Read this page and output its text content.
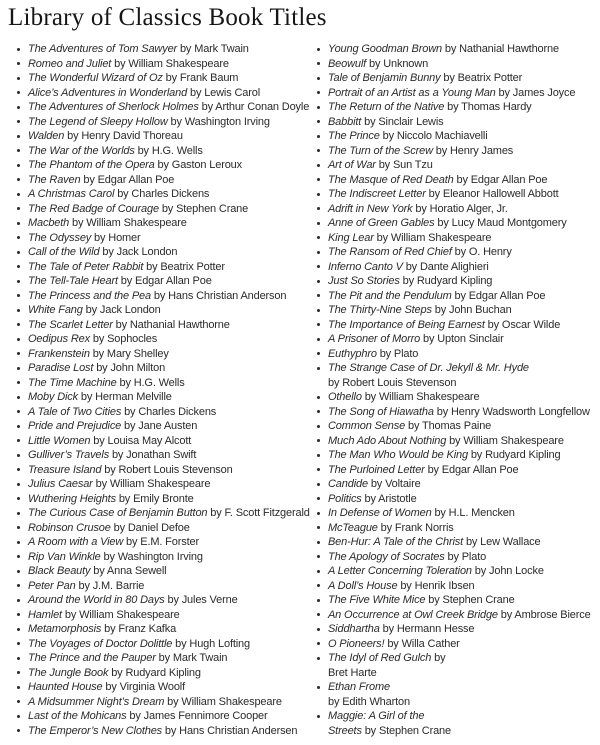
Library of Classics Book Titles
The Adventures of Tom Sawyer by Mark Twain
Romeo and Juliet by William Shakespeare
The Wonderful Wizard of Oz by Frank Baum
Alice’s Adventures in Wonderland by Lewis Carol
The Adventures of Sherlock Holmes by Arthur Conan Doyle
The Legend of Sleepy Hollow by Washington Irving
Walden by Henry David Thoreau
The War of the Worlds by H.G. Wells
The Phantom of the Opera by Gaston Leroux
The Raven by Edgar Allan Poe
A Christmas Carol by Charles Dickens
The Red Badge of Courage by Stephen Crane
Macbeth by William Shakespeare
The Odyssey by Homer
Call of the Wild by Jack London
The Tale of Peter Rabbit by Beatrix Potter
The Tell-Tale Heart by Edgar Allan Poe
The Princess and the Pea by Hans Christian Anderson
White Fang by Jack London
The Scarlet Letter by Nathanial Hawthorne
Oedipus Rex by Sophocles
Frankenstein by Mary Shelley
Paradise Lost by John Milton
The Time Machine by H.G. Wells
Moby Dick by Herman Melville
A Tale of Two Cities by Charles Dickens
Pride and Prejudice by Jane Austen
Little Women by Louisa May Alcott
Gulliver’s Travels by Jonathan Swift
Treasure Island by Robert Louis Stevenson
Julius Caesar by William Shakespeare
Wuthering Heights by Emily Bronte
The Curious Case of Benjamin Button by F. Scott Fitzgerald
Robinson Crusoe by Daniel Defoe
A Room with a View by E.M. Forster
Rip Van Winkle by Washington Irving
Black Beauty by Anna Sewell
Peter Pan by J.M. Barrie
Around the World in 80 Days by Jules Verne
Hamlet by William Shakespeare
Metamorphosis by Franz Kafka
The Voyages of Doctor Dolittle by Hugh Lofting
The Prince and the Pauper by Mark Twain
The Jungle Book by Rudyard Kipling
Haunted House by Virginia Woolf
A Midsummer Night’s Dream by William Shakespeare
Last of the Mohicans by James Fennimore Cooper
The Emperor’s New Clothes by Hans Christian Andersen
Young Goodman Brown by Nathanial Hawthorne
Beowulf by Unknown
Tale of Benjamin Bunny by Beatrix Potter
Portrait of an Artist as a Young Man by James Joyce
The Return of the Native by Thomas Hardy
Babbitt by Sinclair Lewis
The Prince by Niccolo Machiavelli
The Turn of the Screw by Henry James
Art of War by Sun Tzu
The Masque of Red Death by Edgar Allan Poe
The Indiscreet Letter by Eleanor Hallowell Abbott
Adrift in New York by Horatio Alger, Jr.
Anne of Green Gables by Lucy Maud Montgomery
King Lear by William Shakespeare
The Ransom of Red Chief by O. Henry
Inferno Canto V by Dante Alighieri
Just So Stories by Rudyard Kipling
The Pit and the Pendulum by Edgar Allan Poe
The Thirty-Nine Steps by John Buchan
The Importance of Being Earnest by Oscar Wilde
A Prisoner of Morro by Upton Sinclair
Euthyphro by Plato
The Strange Case of Dr. Jekyll & Mr. Hyde
by Robert Louis Stevenson
Othello by William Shakespeare
The Song of Hiawatha by Henry Wadsworth Longfellow
Common Sense by Thomas Paine
Much Ado About Nothing by William Shakespeare
The Man Who Would be King by Rudyard Kipling
The Purloined Letter by Edgar Allan Poe
Candide by Voltaire
Politics by Aristotle
In Defense of Women by H.L. Mencken
McTeague by Frank Norris
Ben-Hur: A Tale of the Christ by Lew Wallace
The Apology of Socrates by Plato
A Letter Concerning Toleration by John Locke
A Doll’s House by Henrik Ibsen
The Five White Mice by Stephen Crane
An Occurrence at Owl Creek Bridge by Ambrose Bierce
Siddhartha by Hermann Hesse
O Pioneers! by Willa Cather
The Idyl of Red Gulch by
Bret Harte
Ethan Frome
by Edith Wharton
Maggie: A Girl of the
Streets by Stephen Crane
